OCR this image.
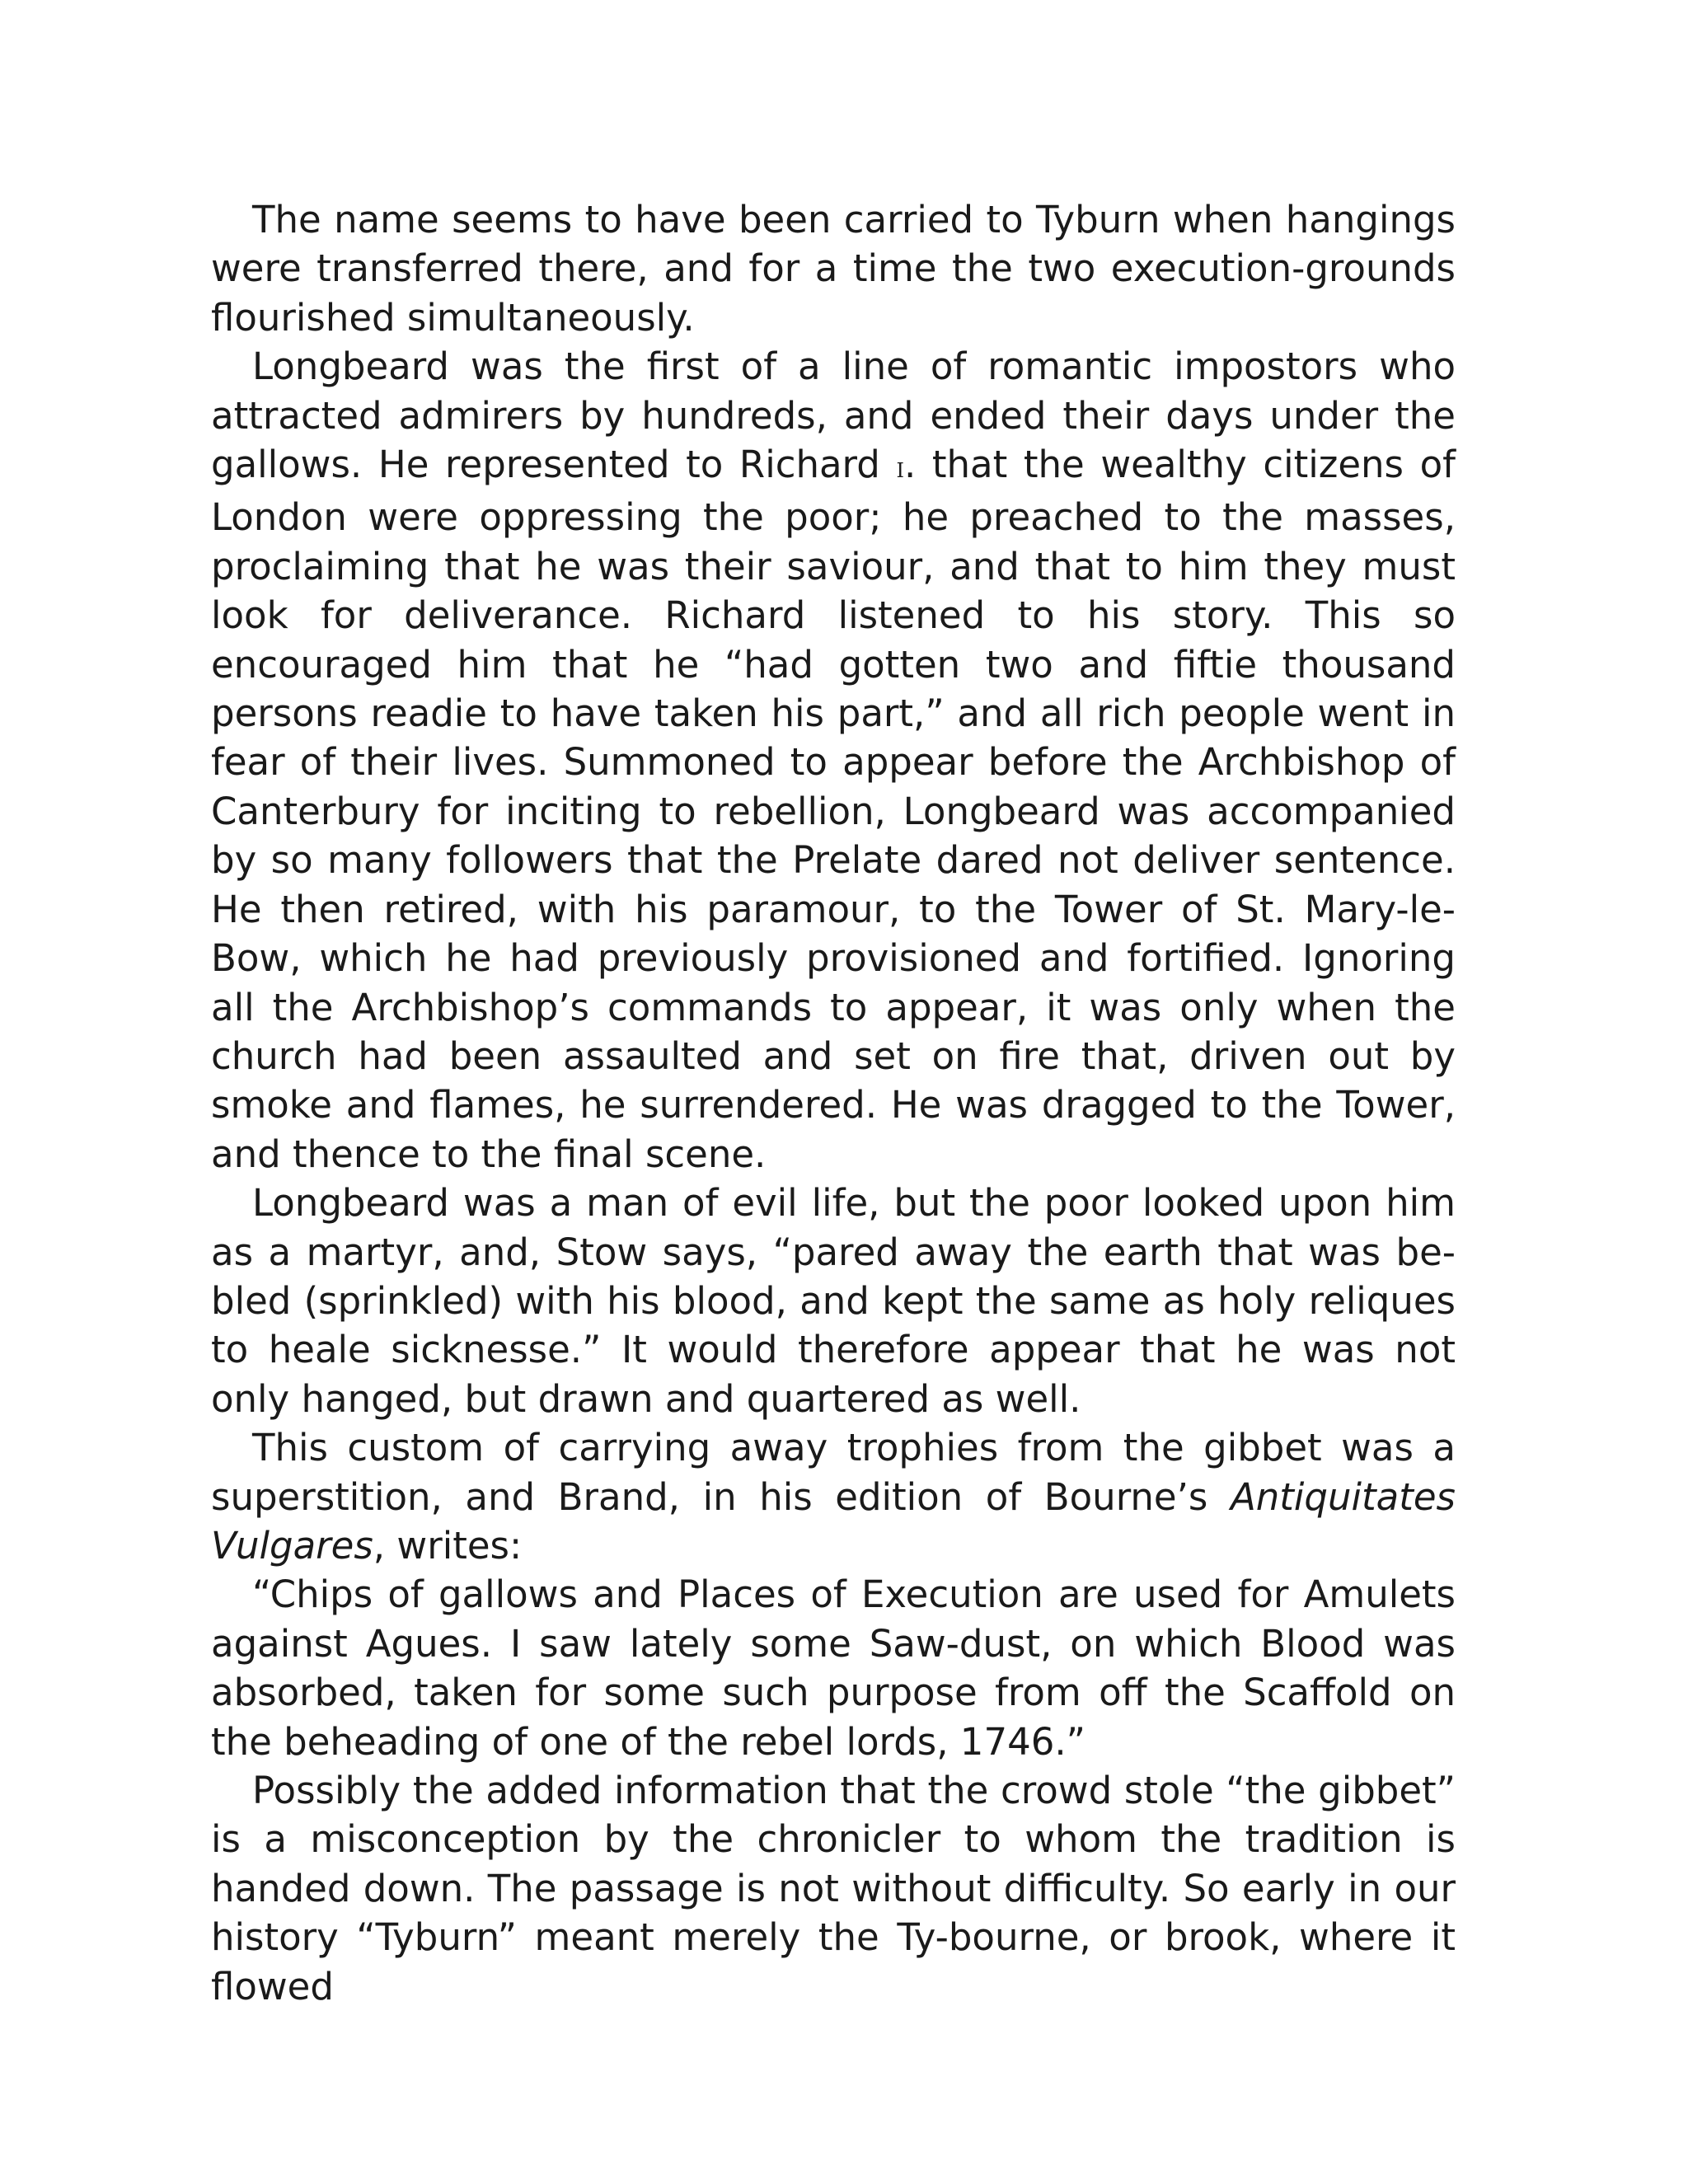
The name seems to have been carried to Tyburn when hangings were transferred there, and for a time the two execution-grounds flourished simultaneously.

Longbeard was the first of a line of romantic impostors who attracted admirers by hundreds, and ended their days under the gallows. He represented to Richard i. that the wealthy citizens of London were oppressing the poor; he preached to the masses, proclaiming that he was their saviour, and that to him they must look for deliverance. Richard listened to his story. This so encouraged him that he “had gotten two and fiftie thousand persons readie to have taken his part,” and all rich people went in fear of their lives. Summoned to appear before the Archbishop of Canterbury for inciting to rebellion, Longbeard was accompanied by so many followers that the Prelate dared not deliver sentence. He then retired, with his paramour, to the Tower of St. Mary-le-Bow, which he had previously provisioned and fortified. Ignoring all the Archbishop’s commands to appear, it was only when the church had been assaulted and set on fire that, driven out by smoke and flames, he surrendered. He was dragged to the Tower, and thence to the final scene.

Longbeard was a man of evil life, but the poor looked upon him as a martyr, and, Stow says, “pared away the earth that was be-bled (sprinkled) with his blood, and kept the same as holy reliques to heale sicknesse.” It would therefore appear that he was not only hanged, but drawn and quartered as well.

This custom of carrying away trophies from the gibbet was a superstition, and Brand, in his edition of Bourne’s Antiquitates Vulgares, writes:

“Chips of gallows and Places of Execution are used for Amulets against Agues. I saw lately some Saw-dust, on which Blood was absorbed, taken for some such purpose from off the Scaffold on the beheading of one of the rebel lords, 1746.”

Possibly the added information that the crowd stole “the gibbet” is a misconception by the chronicler to whom the tradition is handed down. The passage is not without difficulty. So early in our history “Tyburn” meant merely the Ty-bourne, or brook, where it flowed
